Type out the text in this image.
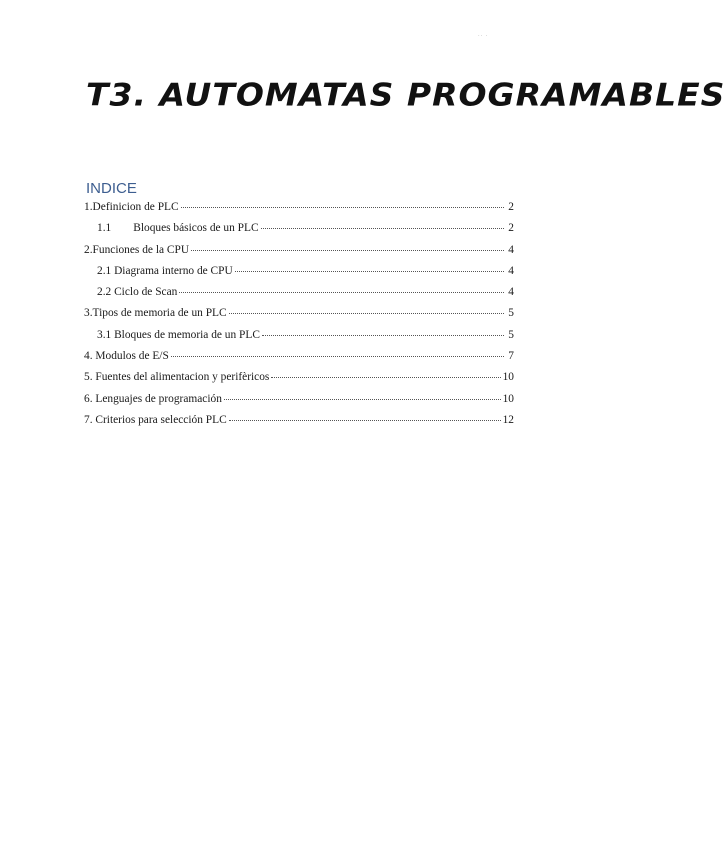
·· ·
T3. AUTOMATAS PROGRAMABLES
INDICE
1.Definicion de PLC	2
1.1 Bloques básicos de un PLC	2
2.Funciones de la CPU	4
2.1 Diagrama interno de CPU	4
2.2 Ciclo de Scan	4
3.Tipos de memoria de un PLC	5
3.1 Bloques de memoria de un PLC	5
4. Modulos de E/S	7
5. Fuentes del alimentacion y perifèricos	10
6. Lenguajes de programación	10
7. Criterios para selección PLC	12
